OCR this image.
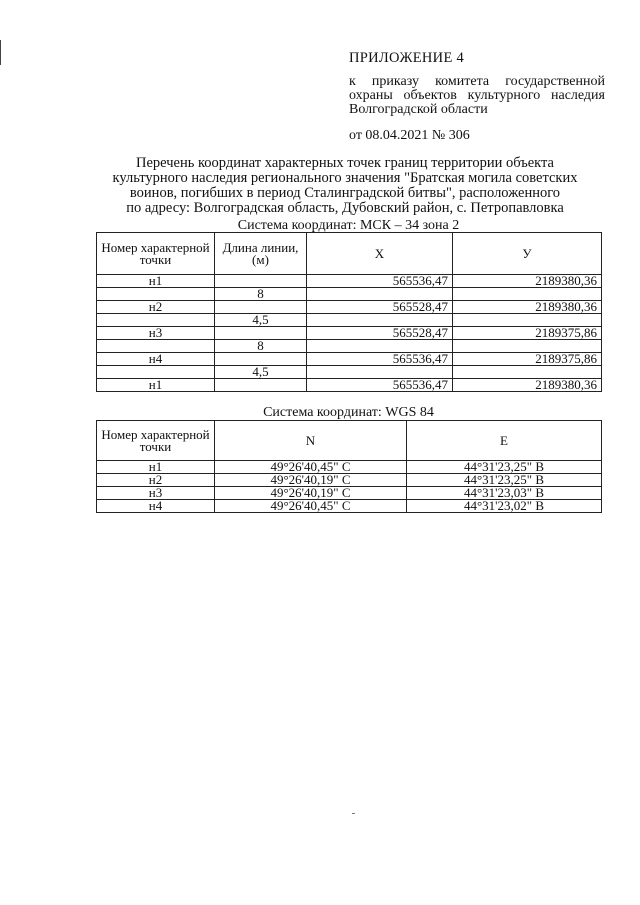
ПРИЛОЖЕНИЕ 4
к приказу комитета государственной
охраны объектов культурного наследия
Волгоградской области
от 08.04.2021 № 306
Перечень координат характерных точек границ территории объекта
культурного наследия регионального значения "Братская могила советских
воинов, погибших в период Сталинградской битвы", расположенного
по адресу: Волгоградская область, Дубовский район, с. Петропавловка
Система координат: МСК – 34 зона 2
Номер характерной точки	Длина линии, (м)	X	У
н1		565536,47	2189380,36
	8		
н2		565528,47	2189380,36
	4,5		
н3		565528,47	2189375,86
	8		
н4		565536,47	2189375,86
	4,5		
н1		565536,47	2189380,36
Система координат: WGS 84
Номер характерной точки	N	E
н1	49°26'40,45" С	44°31'23,25" В
н2	49°26'40,19" С	44°31'23,25" В
н3	49°26'40,19" С	44°31'23,03" В
н4	49°26'40,45" С	44°31'23,02" В
